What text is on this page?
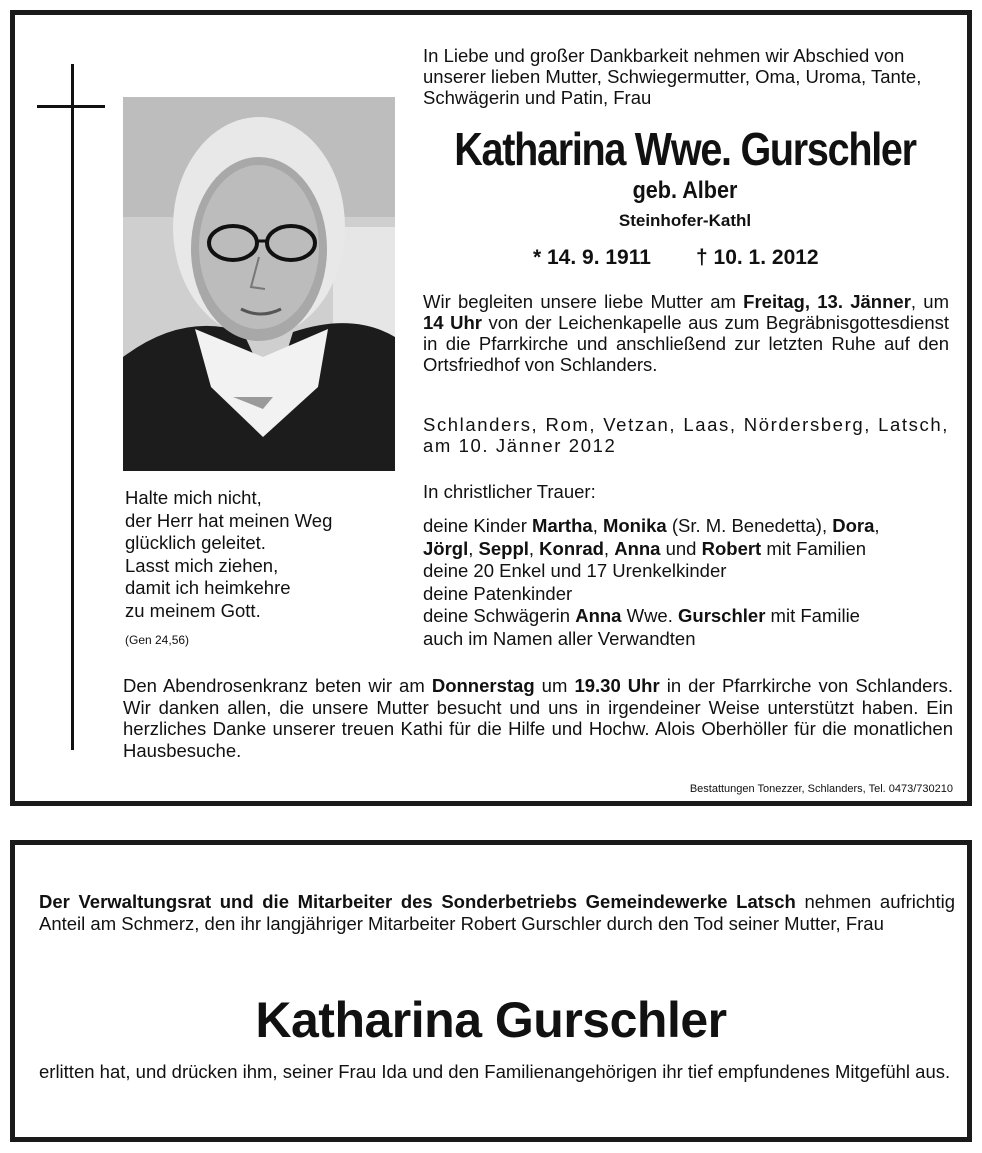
In Liebe und großer Dankbarkeit nehmen wir Abschied von unserer lieben Mutter, Schwiegermutter, Oma, Uroma, Tante, Schwägerin und Patin, Frau
Katharina Wwe. Gurschler
geb. Alber
Steinhofer-Kathl
* 14. 9. 1911 † 10. 1. 2012
Wir begleiten unsere liebe Mutter am Freitag, 13. Jänner, um 14 Uhr von der Leichenkapelle aus zum Begräbnisgottesdienst in die Pfarrkirche und anschließend zur letzten Ruhe auf den Ortsfriedhof von Schlanders.
Schlanders, Rom, Vetzan, Laas, Nördersberg, Latsch, am 10. Jänner 2012
In christlicher Trauer:
deine Kinder Martha, Monika (Sr. M. Benedetta), Dora,
Jörgl, Seppl, Konrad, Anna und Robert mit Familien
deine 20 Enkel und 17 Urenkelkinder
deine Patenkinder
deine Schwägerin Anna Wwe. Gurschler mit Familie
auch im Namen aller Verwandten
Halte mich nicht,
der Herr hat meinen Weg
glücklich geleitet.
Lasst mich ziehen,
damit ich heimkehre
zu meinem Gott.
(Gen 24,56)
Den Abendrosenkranz beten wir am Donnerstag um 19.30 Uhr in der Pfarrkirche von Schlanders. Wir danken allen, die unsere Mutter besucht und uns in irgendeiner Weise unterstützt haben. Ein herzliches Danke unserer treuen Kathi für die Hilfe und Hochw. Alois Oberhöller für die monatlichen Hausbesuche.
Bestattungen Tonezzer, Schlanders, Tel. 0473/730210
Der Verwaltungsrat und die Mitarbeiter des Sonderbetriebs Gemeindewerke Latsch nehmen aufrichtig Anteil am Schmerz, den ihr langjähriger Mitarbeiter Robert Gurschler durch den Tod seiner Mutter, Frau
Katharina Gurschler
erlitten hat, und drücken ihm, seiner Frau Ida und den Familienangehörigen ihr tief empfundenes Mitgefühl aus.
